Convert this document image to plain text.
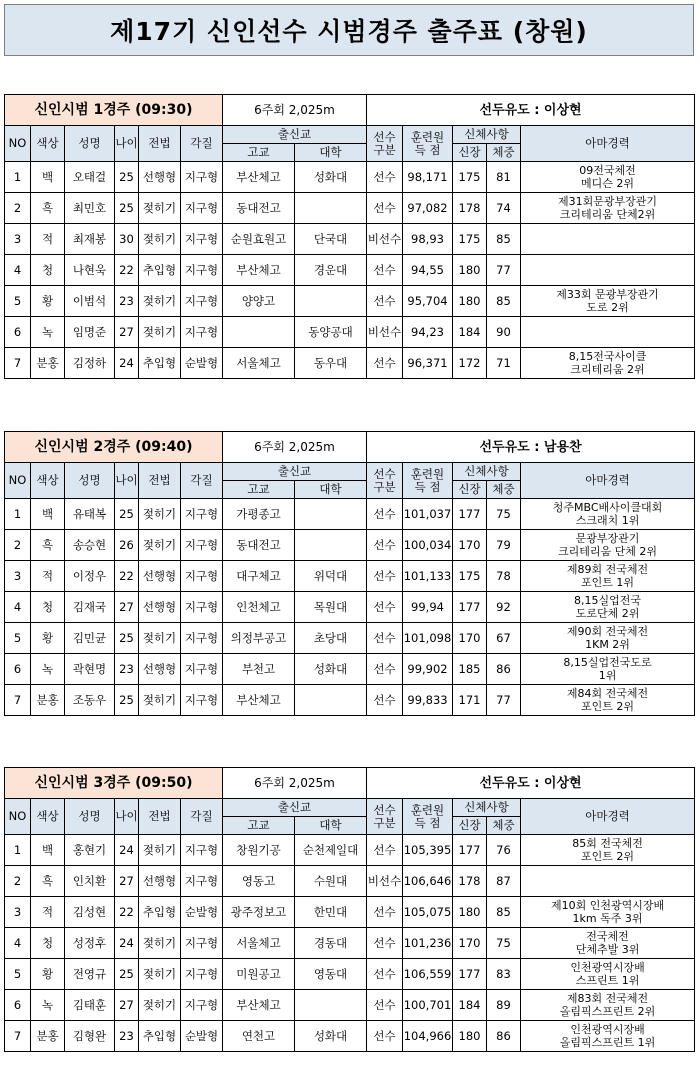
제17기 신인선수 시범경주 출주표 (창원)
신인시범 1경주 (09:30)						6주회 2,025m		선두유도 : 이상현				
NO	색상	성명	나이	전법	각질	출신교		선수
구분	훈련원
득 점	신체사항		아마경력
						고교	대학			신장	체중	
1	백	오태걸	25	선행형	지구형	부산체고	성화대	선수	98,171	175	81	09전국체전
메디슨 2위
2	흑	최민호	25	젖히기	지구형	동대전고		선수	97,082	178	74	제31회문광부장관기
크리테리움 단체2위
3	적	최재봉	30	젖히기	지구형	순원효원고	단국대	비선수	98,93	175	85	
4	청	나현욱	22	추입형	지구형	부산체고	경운대	선수	94,55	180	77	
5	황	이범석	23	젖히기	지구형	양양고		선수	95,704	180	85	제33회 문광부장관기
도로 2위
6	녹	임명준	27	젖히기	지구형		동양공대	비선수	94,23	184	90	
7	분홍	김정하	24	추입형	순발형	서울체고	동우대	선수	96,371	172	71	8,15전국사이클
크리테리움 2위
신인시범 2경주 (09:40)						6주회 2,025m		선두유도 : 남용찬				
NO	색상	성명	나이	전법	각질	출신교		선수
구분	훈련원
득 점	신체사항		아마경력
						고교	대학			신장	체중	
1	백	유태복	25	젖히기	지구형	가평종고		선수	101,037	177	75	청주MBC배사이클대회
스크래치 1위
2	흑	송승현	26	젖히기	지구형	동대전고		선수	100,034	170	79	문광부장관기
크리테리움 단체 2위
3	적	이정우	22	선행형	지구형	대구체고	위덕대	선수	101,133	175	78	제89회 전국체전
포인트 1위
4	청	김재국	27	선행형	지구형	인천체고	목원대	선수	99,94	177	92	8,15실업전국
도로단체 2위
5	황	김민균	25	젖히기	지구형	의정부공고	초당대	선수	101,098	170	67	제90회 전국체전
1KM 2위
6	녹	곽현명	23	선행형	지구형	부천고	성화대	선수	99,902	185	86	8,15실업전국도로
1위
7	분홍	조동우	25	젖히기	지구형	부산체고		선수	99,833	171	77	제84회 전국체전
포인트 2위
신인시범 3경주 (09:50)						6주회 2,025m		선두유도 : 이상현				
NO	색상	성명	나이	전법	각질	출신교		선수
구분	훈련원
득 점	신체사항		아마경력
						고교	대학			신장	체중	
1	백	홍현기	24	젖히기	지구형	창원기공	순천제일대	선수	105,395	177	76	85회 전국체전
포인트 2위
2	흑	인치환	27	선행형	지구형	영동고	수원대	비선수	106,646	178	87	
3	적	김성현	22	추입형	순발형	광주정보고	한민대	선수	105,075	180	85	제10회 인천광역시장배
1km 독주 3위
4	청	성정후	24	젖히기	지구형	서울체고	경동대	선수	101,236	170	75	전국체전
단체추발 3위
5	황	전영규	25	젖히기	지구형	미원공고	영동대	선수	106,559	177	83	인천광역시장배
스프린트 1위
6	녹	김태훈	27	젖히기	지구형	부산체고		선수	100,701	184	89	제83회 전국체전
올림픽스프린트 2위
7	분홍	김형완	23	추입형	순발형	연천고	성화대	선수	104,966	180	86	인천광역시장배
올림픽스프린트 1위
